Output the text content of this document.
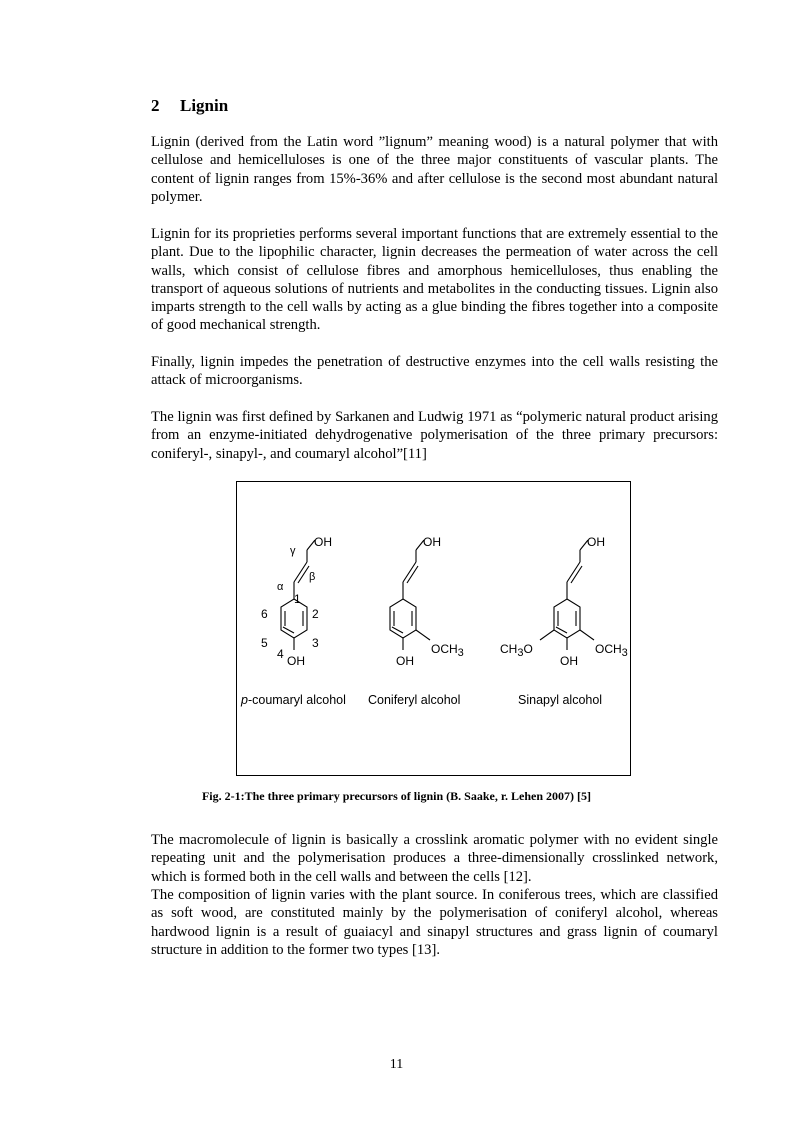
2 Lignin

Lignin (derived from the Latin word ”lignum” meaning wood) is a natural polymer that with cellulose and hemicelluloses is one of the three major constituents of vascular plants. The content of lignin ranges from 15%-36% and after cellulose is the second most abundant natural polymer.

Lignin for its proprieties performs several important functions that are extremely essential to the plant. Due to the lipophilic character, lignin decreases the permeation of water across the cell walls, which consist of cellulose fibres and amorphous hemicelluloses, thus enabling the transport of aqueous solutions of nutrients and metabolites in the conducting tissues. Lignin also imparts strength to the cell walls by acting as a glue binding the fibres together into a composite of good mechanical strength.

Finally, lignin impedes the penetration of destructive enzymes into the cell walls resisting the attack of microorganisms.

The lignin was first defined by Sarkanen and Ludwig 1971 as “polymeric natural product arising from an enzyme-initiated dehydrogenative polymerisation of the three primary precursors: coniferyl-, sinapyl-, and coumaryl alcohol”[11]

OH
OH
γ
β
α
1
2
3
4
5
6
p-coumaryl alcohol
OH
OH
OCH3
Coniferyl alcohol
OH
OH
OCH3
CH3O
Sinapyl alcohol
Fig. 2-1:The three primary precursors of lignin (B. Saake, r. Lehen 2007) [5]

The macromolecule of lignin is basically a crosslink aromatic polymer with no evident single repeating unit and the polymerisation produces a three-dimensionally crosslinked network, which is formed both in the cell walls and between the cells [12].

The composition of lignin varies with the plant source. In coniferous trees, which are classified as soft wood, are constituted mainly by the polymerisation of coniferyl alcohol, whereas hardwood lignin is a result of guaiacyl and sinapyl structures and grass lignin of coumaryl structure in addition to the former two types [13].

11
